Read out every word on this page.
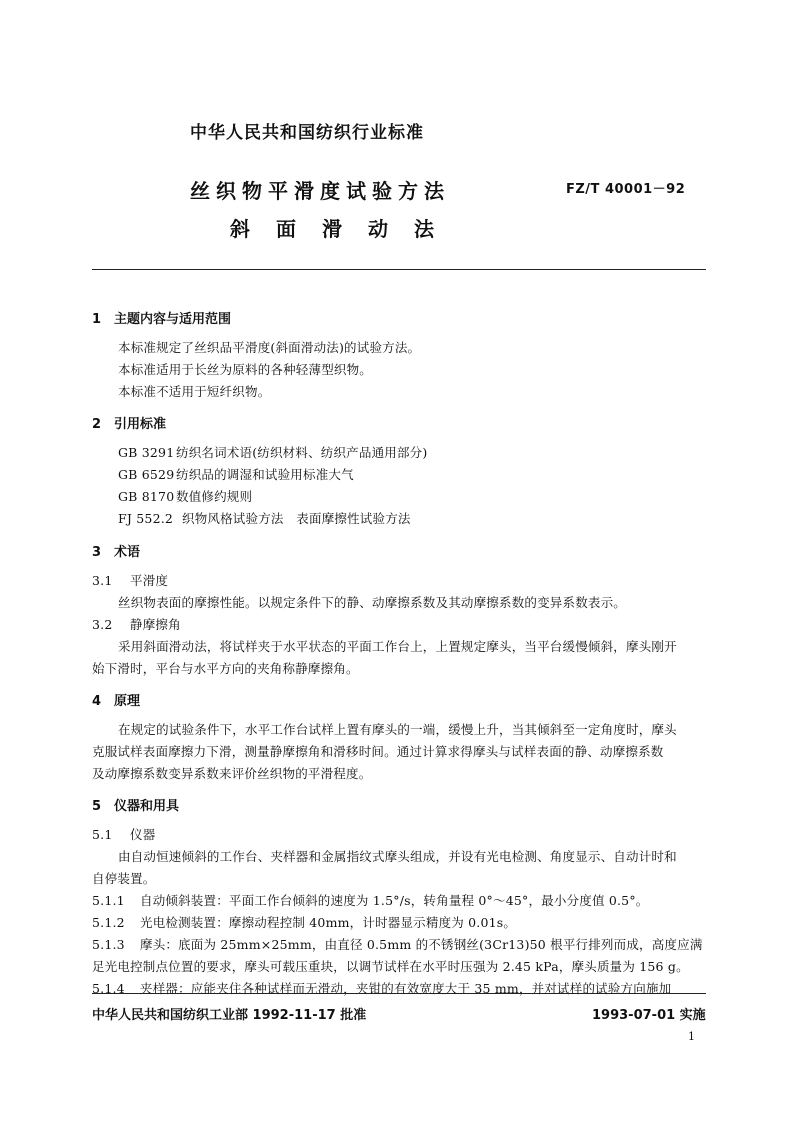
中华人民共和国纺织行业标准
丝织物平滑度试验方法
斜面滑动法
FZ/T 40001－92
1　主题内容与适用范围
本标准规定了丝织品平滑度(斜面滑动法)的试验方法。
本标准适用于长丝为原料的各种轻薄型织物。
本标准不适用于短纤织物。
2　引用标准
GB 3291 纺织名词术语(纺织材料、纺织产品通用部分)
GB 6529 纺织品的调湿和试验用标准大气
GB 8170 数值修约规则
FJ 552.2 织物风格试验方法　表面摩擦性试验方法
3　术语
3.1 平滑度
丝织物表面的摩擦性能。以规定条件下的静、动摩擦系数及其动摩擦系数的变异系数表示。
3.2 静摩擦角
采用斜面滑动法，将试样夹于水平状态的平面工作台上，上置规定摩头，当平台缓慢倾斜，摩头刚开
始下滑时，平台与水平方向的夹角称静摩擦角。
4　原理
在规定的试验条件下，水平工作台试样上置有摩头的一端，缓慢上升，当其倾斜至一定角度时，摩头
克服试样表面摩擦力下滑，测量静摩擦角和滑移时间。通过计算求得摩头与试样表面的静、动摩擦系数
及动摩擦系数变异系数来评价丝织物的平滑程度。
5　仪器和用具
5.1 仪器
由自动恒速倾斜的工作台、夹样器和金属指纹式摩头组成，并设有光电检测、角度显示、自动计时和
自停装置。
5.1.1 自动倾斜装置：平面工作台倾斜的速度为 1.5°/s，转角量程 0°～45°，最小分度值 0.5°。
5.1.2 光电检测装置：摩擦动程控制 40mm，计时器显示精度为 0.01s。
5.1.3 摩头：底面为 25mm×25mm，由直径 0.5mm 的不锈钢丝(3Cr13)50 根平行排列而成，高度应满
足光电控制点位置的要求，摩头可载压重块，以调节试样在水平时压强为 2.45 kPa，摩头质量为 156 g。
5.1.4 夹样器：应能夹住各种试样而无滑动，夹钳的有效宽度大于 35 mm，并对试样的试验方向施加
中华人民共和国纺织工业部 1992-11-17 批准	1993-07-01 实施
1
